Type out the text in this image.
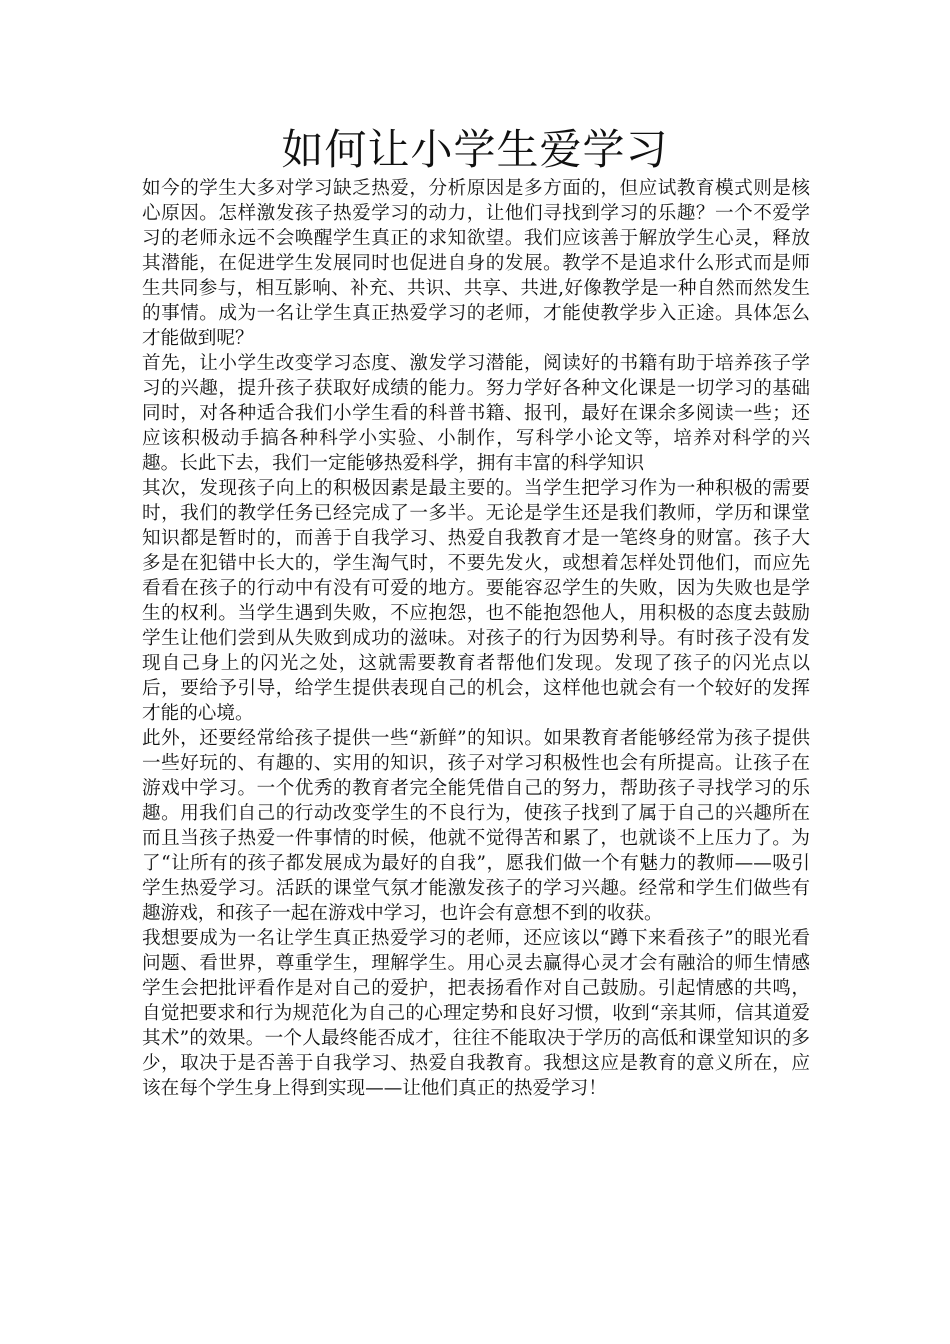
如何让小学生爱学习

如今的学生大多对学习缺乏热爱，分析原因是多方面的，但应试教育模式则是核心原因。怎样激发孩子热爱学习的动力，让他们寻找到学习的乐趣？一个不爱学习的老师永远不会唤醒学生真正的求知欲望。我们应该善于解放学生心灵，释放其潜能，在促进学生发展同时也促进自身的发展。教学不是追求什么形式而是师生共同参与，相互影响、补充、共识、共享、共进,好像教学是一种自然而然发生的事情。成为一名让学生真正热爱学习的老师，才能使教学步入正途。具体怎么才能做到呢？

首先，让小学生改变学习态度、激发学习潜能，阅读好的书籍有助于培养孩子学习的兴趣，提升孩子获取好成绩的能力。努力学好各种文化课是一切学习的基础同时，对各种适合我们小学生看的科普书籍、报刊，最好在课余多阅读一些；还应该积极动手搞各种科学小实验、小制作，写科学小论文等，培养对科学的兴趣。长此下去，我们一定能够热爱科学，拥有丰富的科学知识

其次，发现孩子向上的积极因素是最主要的。当学生把学习作为一种积极的需要时，我们的教学任务已经完成了一多半。无论是学生还是我们教师，学历和课堂知识都是暂时的，而善于自我学习、热爱自我教育才是一笔终身的财富。孩子大多是在犯错中长大的，学生淘气时，不要先发火，或想着怎样处罚他们，而应先看看在孩子的行动中有没有可爱的地方。要能容忍学生的失败，因为失败也是学生的权利。当学生遇到失败，不应抱怨，也不能抱怨他人，用积极的态度去鼓励学生让他们尝到从失败到成功的滋味。对孩子的行为因势利导。有时孩子没有发现自己身上的闪光之处，这就需要教育者帮他们发现。发现了孩子的闪光点以后，要给予引导，给学生提供表现自己的机会，这样他也就会有一个较好的发挥才能的心境。

此外，还要经常给孩子提供一些“新鲜”的知识。如果教育者能够经常为孩子提供一些好玩的、有趣的、实用的知识，孩子对学习积极性也会有所提高。让孩子在游戏中学习。一个优秀的教育者完全能凭借自己的努力，帮助孩子寻找学习的乐趣。用我们自己的行动改变学生的不良行为，使孩子找到了属于自己的兴趣所在而且当孩子热爱一件事情的时候，他就不觉得苦和累了，也就谈不上压力了。为了“让所有的孩子都发展成为最好的自我”，愿我们做一个有魅力的教师——吸引学生热爱学习。活跃的课堂气氛才能激发孩子的学习兴趣。经常和学生们做些有趣游戏，和孩子一起在游戏中学习，也许会有意想不到的收获。

我想要成为一名让学生真正热爱学习的老师，还应该以“蹲下来看孩子”的眼光看问题、看世界，尊重学生，理解学生。用心灵去赢得心灵才会有融洽的师生情感学生会把批评看作是对自己的爱护，把表扬看作对自己鼓励。引起情感的共鸣，自觉把要求和行为规范化为自己的心理定势和良好习惯，收到“亲其师，信其道爱其术”的效果。一个人最终能否成才，往往不能取决于学历的高低和课堂知识的多少，取决于是否善于自我学习、热爱自我教育。我想这应是教育的意义所在，应该在每个学生身上得到实现——让他们真正的热爱学习！
